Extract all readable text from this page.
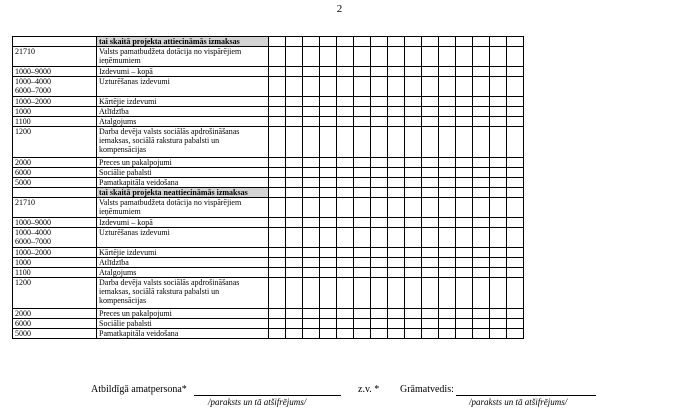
2
	tai skaitā projekta attiecināmās izmaksas															

21710	Valsts pamatbudžeta dotācija no vispārējiem ieņēmumiem															

1000–9000	Izdevumi – kopā															

1000–4000
6000–7000	Uzturēšanas izdevumi															

1000–2000	Kārtējie izdevumi															

1000	Atlīdzība															

1100	Atalgojums															

1200	Darba devēja valsts sociālās apdrošināšanas iemaksas, sociālā rakstura pabalsti un kompensācijas															

2000	Preces un pakalpojumi															

6000	Sociālie pabalsti															

5000	Pamatkapitāla veidošana															
	tai skaitā projekta neattiecināmās izmaksas															

21710	Valsts pamatbudžeta dotācija no vispārējiem ieņēmumiem															

1000–9000	Izdevumi – kopā															

1000–4000
6000–7000	Uzturēšanas izdevumi															

1000–2000	Kārtējie izdevumi															

1000	Atlīdzība															

1100	Atalgojums															

1200	Darba devēja valsts sociālās apdrošināšanas iemaksas, sociālā rakstura pabalsti un kompensācijas															

2000	Preces un pakalpojumi															

6000	Sociālie pabalsti															

5000	Pamatkapitāla veidošana															
Atbildīgā amatpersona*
/paraksts un tā atšifrējums/
z.v. * Grāmatvedis:
/paraksts un tā atšifrējums/
